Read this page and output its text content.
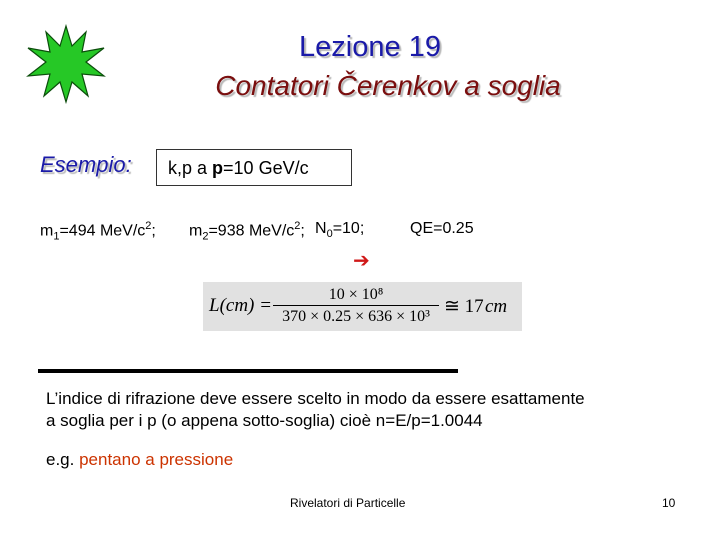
Lezione 19
Contatori Čerenkov a soglia
Esempio:	k,p a p=10 GeV/c
$m_1=494$ MeV/$c^2$; $m_2=938$ MeV/$c^2$; $N_0=10$;	QE=0.25
➔
L(cm) =
10 × 10⁸
370 × 0.25 × 636 × 10³ ≅ 17 cm
L’indice di rifrazione deve essere scelto in modo da essere esattamente
a soglia per i p (o appena sotto-soglia) cioè n=E/p=1.0044
e.g. pentano a pressione
Rivelatori di Particelle	10
